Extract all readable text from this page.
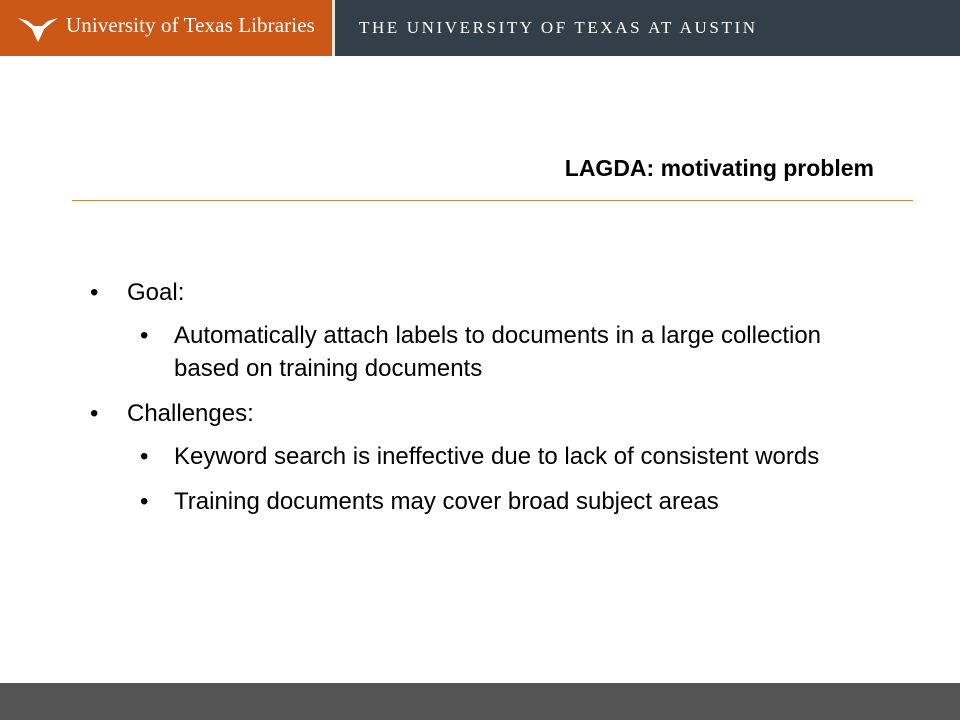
University of Texas Libraries	THE UNIVERSITY OF TEXAS AT AUSTIN
LAGDA: motivating problem
• Goal:
• Automatically attach labels to documents in a large collection based on training documents
• Challenges:
• Keyword search is ineffective due to lack of consistent words
• Training documents may cover broad subject areas
